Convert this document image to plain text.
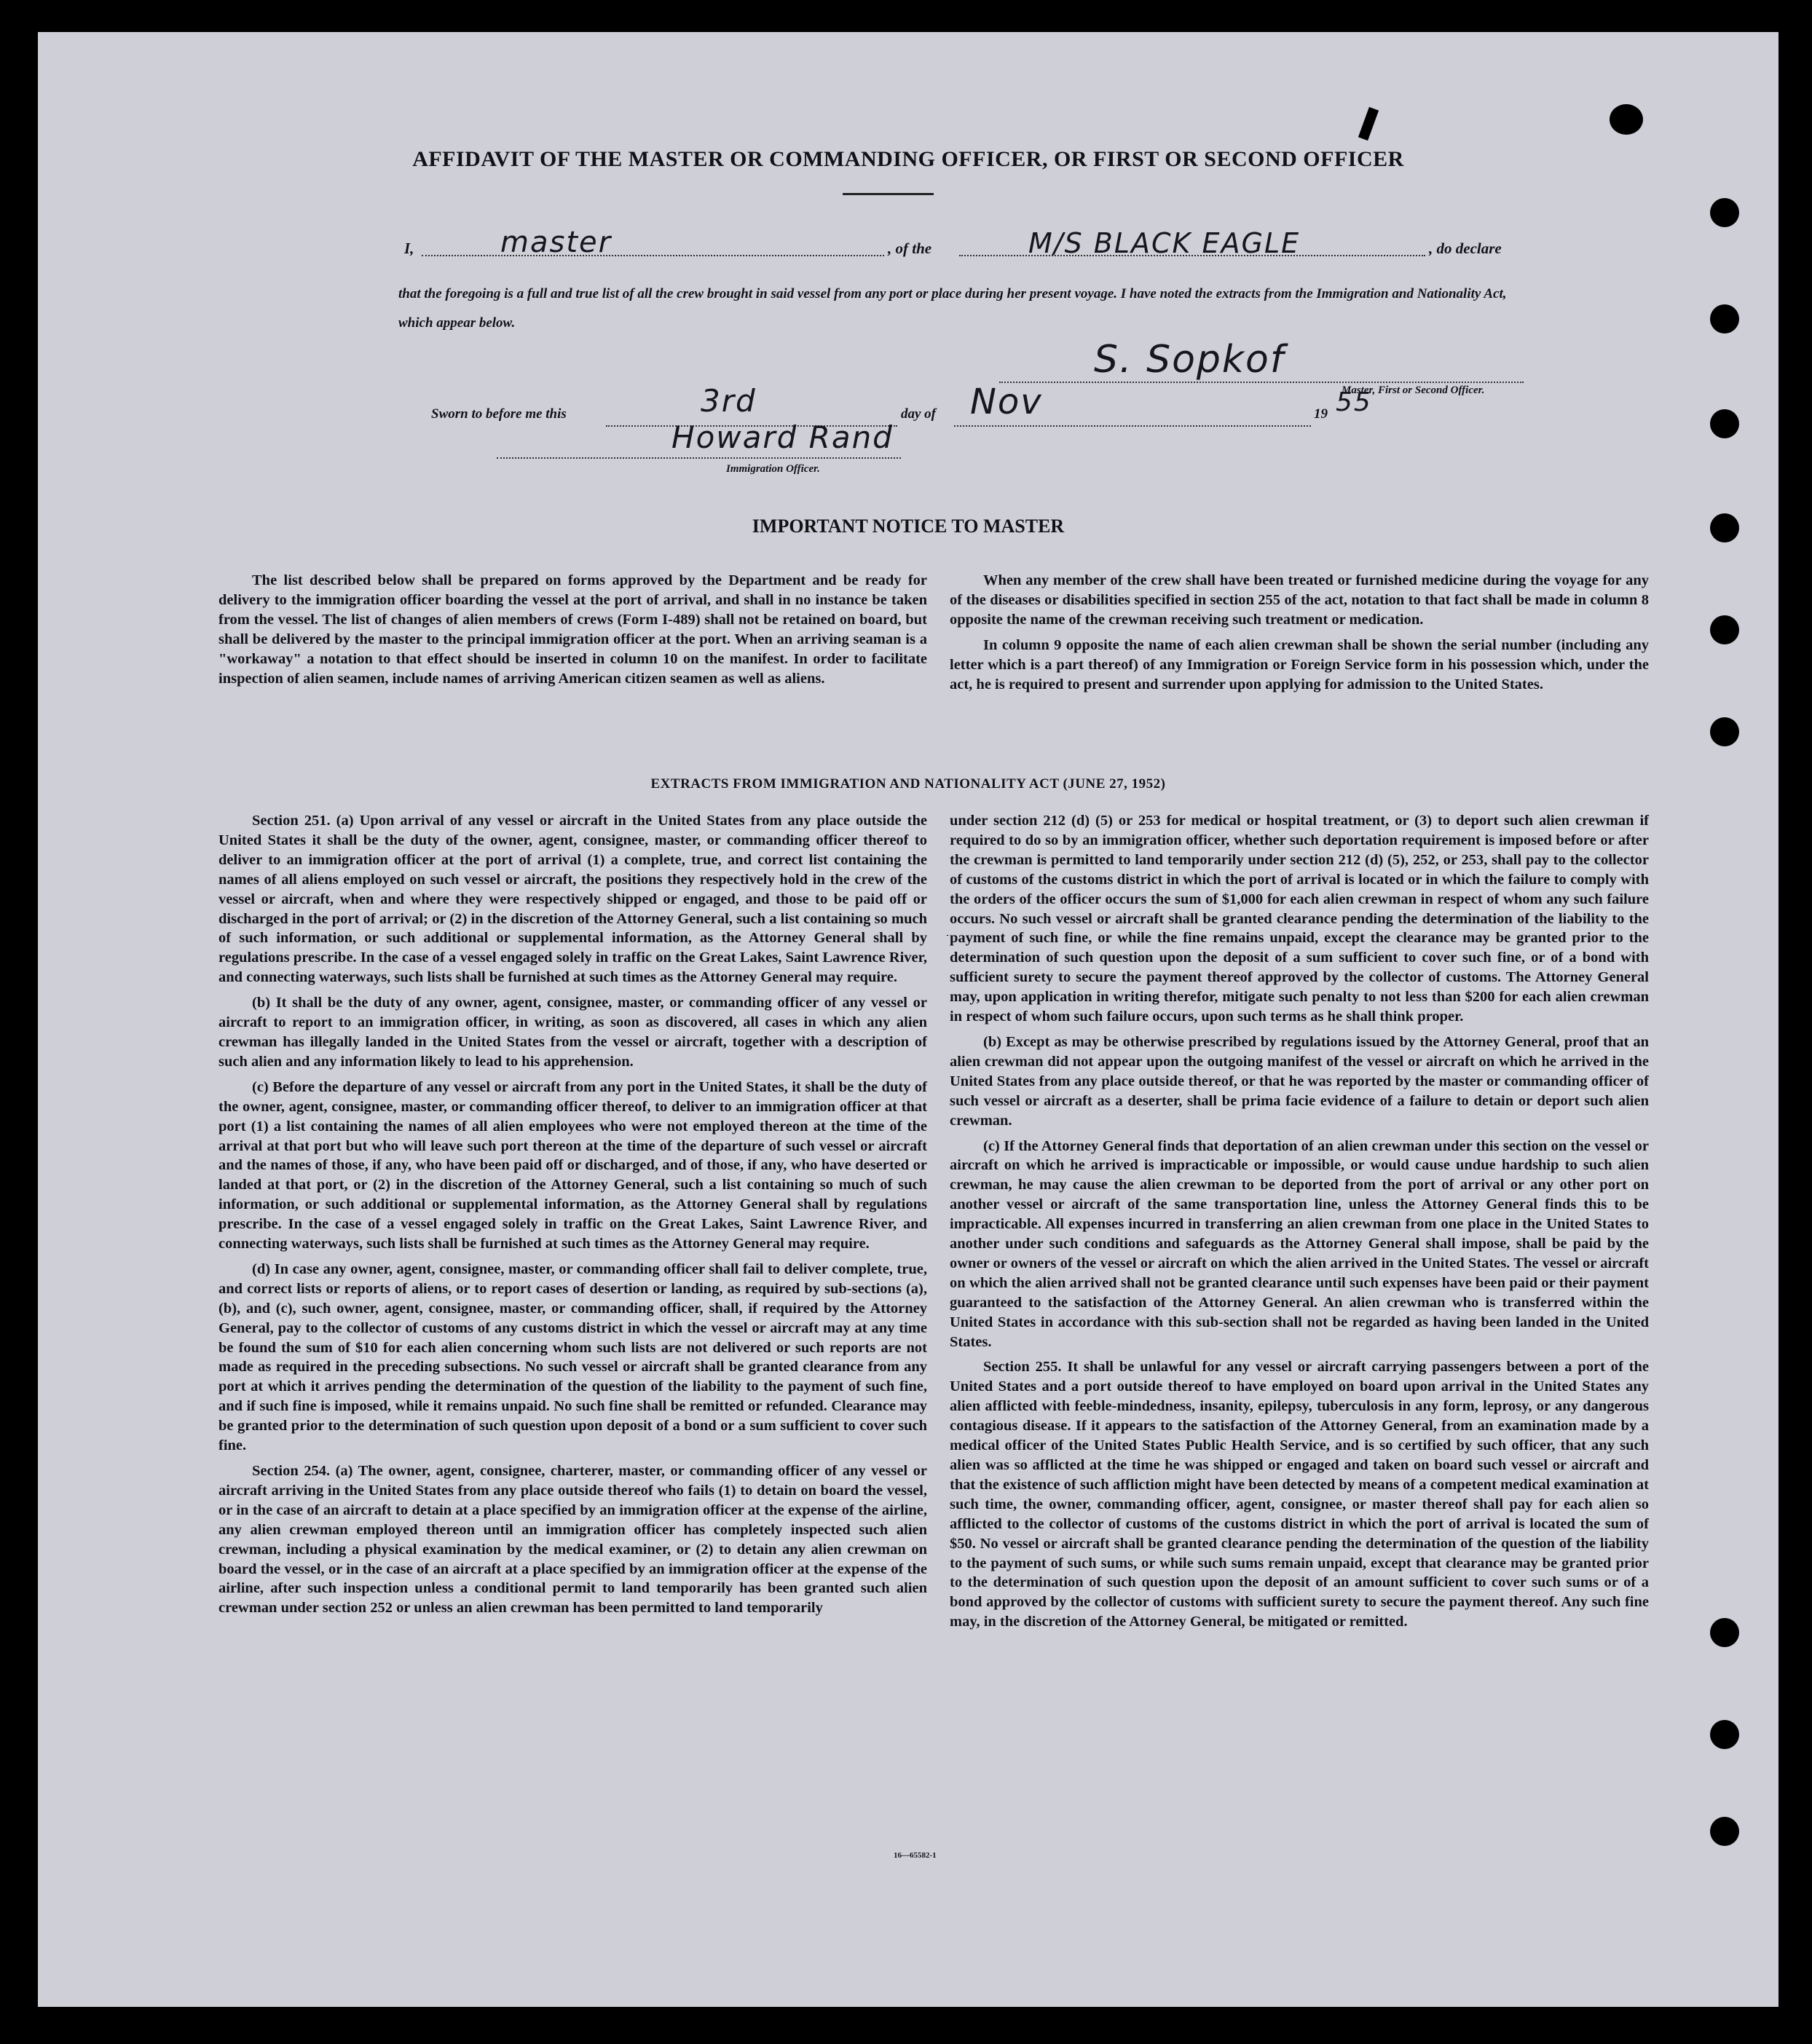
AFFIDAVIT OF THE MASTER OR COMMANDING OFFICER, OR FIRST OR SECOND OFFICER
I,	master	, of the	M/S BLACK EAGLE	, do declare
that the foregoing is a full and true list of all the crew brought in said vessel from any port or place during her present voyage. I have noted the extracts from the Immigration and Nationality Act, which appear below.
S. Sopkof
Master, First or Second Officer.
Sworn to before me this	3rd	day of Nov	19 55
Howard Rand
Immigration Officer.
IMPORTANT NOTICE TO MASTER

The list described below shall be prepared on forms approved by the Department and be ready for delivery to the immigration officer boarding the vessel at the port of arrival, and shall in no instance be taken from the vessel. The list of changes of alien members of crews (Form I-489) shall not be retained on board, but shall be delivered by the master to the principal immigration officer at the port. When an arriving seaman is a "workaway" a notation to that effect should be inserted in column 10 on the manifest. In order to facilitate inspection of alien seamen, include names of arriving American citizen seamen as well as aliens.

When any member of the crew shall have been treated or furnished medicine during the voyage for any of the diseases or disabilities specified in section 255 of the act, notation to that fact shall be made in column 8 opposite the name of the crewman receiving such treatment or medication.

In column 9 opposite the name of each alien crewman shall be shown the serial number (including any letter which is a part thereof) of any Immigration or Foreign Service form in his possession which, under the act, he is required to present and surrender upon applying for admission to the United States.

EXTRACTS FROM IMMIGRATION AND NATIONALITY ACT (JUNE 27, 1952)

Section 251. (a) Upon arrival of any vessel or aircraft in the United States from any place outside the United States it shall be the duty of the owner, agent, consignee, master, or commanding officer thereof to deliver to an immigration officer at the port of arrival (1) a complete, true, and correct list containing the names of all aliens employed on such vessel or aircraft, the positions they respectively hold in the crew of the vessel or aircraft, when and where they were respectively shipped or engaged, and those to be paid off or discharged in the port of arrival; or (2) in the discretion of the Attorney General, such a list containing so much of such information, or such additional or supplemental information, as the Attorney General shall by regulations prescribe. In the case of a vessel engaged solely in traffic on the Great Lakes, Saint Lawrence River, and connecting waterways, such lists shall be furnished at such times as the Attorney General may require.

(b) It shall be the duty of any owner, agent, consignee, master, or commanding officer of any vessel or aircraft to report to an immigration officer, in writing, as soon as discovered, all cases in which any alien crewman has illegally landed in the United States from the vessel or aircraft, together with a description of such alien and any information likely to lead to his apprehension.

(c) Before the departure of any vessel or aircraft from any port in the United States, it shall be the duty of the owner, agent, consignee, master, or commanding officer thereof, to deliver to an immigration officer at that port (1) a list containing the names of all alien employees who were not employed thereon at the time of the arrival at that port but who will leave such port thereon at the time of the departure of such vessel or aircraft and the names of those, if any, who have been paid off or discharged, and of those, if any, who have deserted or landed at that port, or (2) in the discretion of the Attorney General, such a list containing so much of such information, or such additional or supplemental information, as the Attorney General shall by regulations prescribe. In the case of a vessel engaged solely in traffic on the Great Lakes, Saint Lawrence River, and connecting waterways, such lists shall be furnished at such times as the Attorney General may require.

(d) In case any owner, agent, consignee, master, or commanding officer shall fail to deliver complete, true, and correct lists or reports of aliens, or to report cases of desertion or landing, as required by sub-sections (a), (b), and (c), such owner, agent, consignee, master, or commanding officer, shall, if required by the Attorney General, pay to the collector of customs of any customs district in which the vessel or aircraft may at any time be found the sum of $10 for each alien concerning whom such lists are not delivered or such reports are not made as required in the preceding subsections. No such vessel or aircraft shall be granted clearance from any port at which it arrives pending the determination of the question of the liability to the payment of such fine, and if such fine is imposed, while it remains unpaid. No such fine shall be remitted or refunded. Clearance may be granted prior to the determination of such question upon deposit of a bond or a sum sufficient to cover such fine.

Section 254. (a) The owner, agent, consignee, charterer, master, or commanding officer of any vessel or aircraft arriving in the United States from any place outside thereof who fails (1) to detain on board the vessel, or in the case of an aircraft to detain at a place specified by an immigration officer at the expense of the airline, any alien crewman employed thereon until an immigration officer has completely inspected such alien crewman, including a physical examination by the medical examiner, or (2) to detain any alien crewman on board the vessel, or in the case of an aircraft at a place specified by an immigration officer at the expense of the airline, after such inspection unless a conditional permit to land temporarily has been granted such alien crewman under section 252 or unless an alien crewman has been permitted to land temporarily

under section 212 (d) (5) or 253 for medical or hospital treatment, or (3) to deport such alien crewman if required to do so by an immigration officer, whether such deportation requirement is imposed before or after the crewman is permitted to land temporarily under section 212 (d) (5), 252, or 253, shall pay to the collector of customs of the customs district in which the port of arrival is located or in which the failure to comply with the orders of the officer occurs the sum of $1,000 for each alien crewman in respect of whom any such failure occurs. No such vessel or aircraft shall be granted clearance pending the determination of the liability to the payment of such fine, or while the fine remains unpaid, except the clearance may be granted prior to the determination of such question upon the deposit of a sum sufficient to cover such fine, or of a bond with sufficient surety to secure the payment thereof approved by the collector of customs. The Attorney General may, upon application in writing therefor, mitigate such penalty to not less than $200 for each alien crewman in respect of whom such failure occurs, upon such terms as he shall think proper.

(b) Except as may be otherwise prescribed by regulations issued by the Attorney General, proof that an alien crewman did not appear upon the outgoing manifest of the vessel or aircraft on which he arrived in the United States from any place outside thereof, or that he was reported by the master or commanding officer of such vessel or aircraft as a deserter, shall be prima facie evidence of a failure to detain or deport such alien crewman.

(c) If the Attorney General finds that deportation of an alien crewman under this section on the vessel or aircraft on which he arrived is impracticable or impossible, or would cause undue hardship to such alien crewman, he may cause the alien crewman to be deported from the port of arrival or any other port on another vessel or aircraft of the same transportation line, unless the Attorney General finds this to be impracticable. All expenses incurred in transferring an alien crewman from one place in the United States to another under such conditions and safeguards as the Attorney General shall impose, shall be paid by the owner or owners of the vessel or aircraft on which the alien arrived in the United States. The vessel or aircraft on which the alien arrived shall not be granted clearance until such expenses have been paid or their payment guaranteed to the satisfaction of the Attorney General. An alien crewman who is transferred within the United States in accordance with this sub-section shall not be regarded as having been landed in the United States.

Section 255. It shall be unlawful for any vessel or aircraft carrying passengers between a port of the United States and a port outside thereof to have employed on board upon arrival in the United States any alien afflicted with feeble-mindedness, insanity, epilepsy, tuberculosis in any form, leprosy, or any dangerous contagious disease. If it appears to the satisfaction of the Attorney General, from an examination made by a medical officer of the United States Public Health Service, and is so certified by such officer, that any such alien was so afflicted at the time he was shipped or engaged and taken on board such vessel or aircraft and that the existence of such affliction might have been detected by means of a competent medical examination at such time, the owner, commanding officer, agent, consignee, or master thereof shall pay for each alien so afflicted to the collector of customs of the customs district in which the port of arrival is located the sum of $50. No vessel or aircraft shall be granted clearance pending the determination of the question of the liability to the payment of such sums, or while such sums remain unpaid, except that clearance may be granted prior to the determination of such question upon the deposit of an amount sufficient to cover such sums or of a bond approved by the collector of customs with sufficient surety to secure the payment thereof. Any such fine may, in the discretion of the Attorney General, be mitigated or remitted.

16—65582-1
